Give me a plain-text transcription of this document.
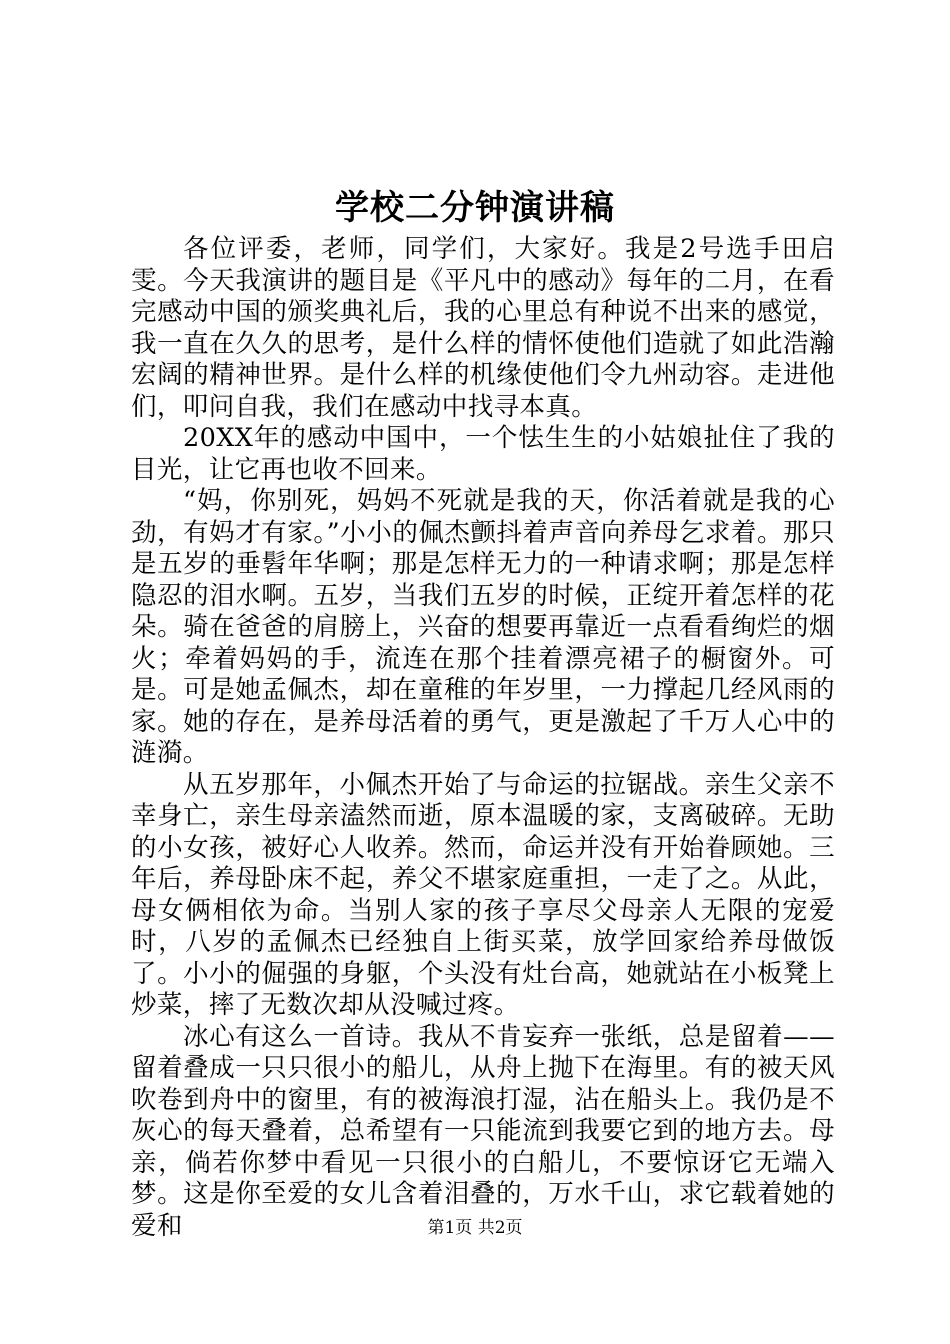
学校二分钟演讲稿

各位评委，老师，同学们，大家好。我是2号选手田启雯。今天我演讲的题目是《平凡中的感动》每年的二月，在看完感动中国的颁奖典礼后，我的心里总有种说不出来的感觉，我一直在久久的思考，是什么样的情怀使他们造就了如此浩瀚宏阔的精神世界。是什么样的机缘使他们令九州动容。走进他们，叩问自我，我们在感动中找寻本真。

20XX年的感动中国中，一个怯生生的小姑娘扯住了我的目光，让它再也收不回来。

“妈，你别死，妈妈不死就是我的天，你活着就是我的心劲，有妈才有家。”小小的佩杰颤抖着声音向养母乞求着。那只是五岁的垂髫年华啊；那是怎样无力的一种请求啊；那是怎样隐忍的泪水啊。五岁，当我们五岁的时候，正绽开着怎样的花朵。骑在爸爸的肩膀上，兴奋的想要再靠近一点看看绚烂的烟火；牵着妈妈的手，流连在那个挂着漂亮裙子的橱窗外。可是。可是她孟佩杰，却在童稚的年岁里，一力撑起几经风雨的家。她的存在，是养母活着的勇气，更是激起了千万人心中的涟漪。

从五岁那年，小佩杰开始了与命运的拉锯战。亲生父亲不幸身亡，亲生母亲溘然而逝，原本温暖的家，支离破碎。无助的小女孩，被好心人收养。然而，命运并没有开始眷顾她。三年后，养母卧床不起，养父不堪家庭重担，一走了之。从此，母女俩相依为命。当别人家的孩子享尽父母亲人无限的宠爱时，八岁的孟佩杰已经独自上街买菜，放学回家给养母做饭了。小小的倔强的身躯，个头没有灶台高，她就站在小板凳上炒菜，摔了无数次却从没喊过疼。

冰心有这么一首诗。我从不肯妄弃一张纸，总是留着——留着叠成一只只很小的船儿，从舟上抛下在海里。有的被天风吹卷到舟中的窗里，有的被海浪打湿，沾在船头上。我仍是不灰心的每天叠着，总希望有一只能流到我要它到的地方去。母亲，倘若你梦中看见一只很小的白船儿，不要惊讶它无端入梦。这是你至爱的女儿含着泪叠的，万水千山，求它载着她的爱和	第1页 共2页
